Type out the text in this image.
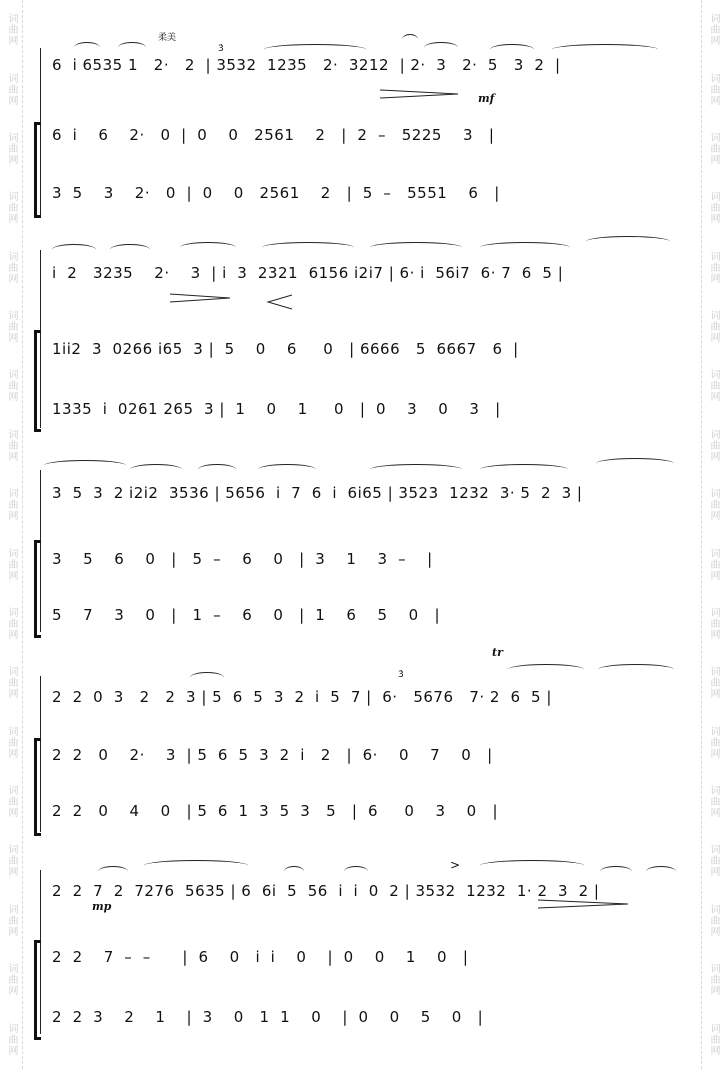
词曲网
词曲网
词曲网
词曲网
词曲网
词曲网
词曲网
词曲网
词曲网
词曲网
词曲网
词曲网
词曲网
词曲网
词曲网
词曲网
词曲网
词曲网
词曲网
词曲网
词曲网
词曲网
词曲网
词曲网
词曲网
词曲网
词曲网
词曲网
词曲网
词曲网
词曲网
词曲网
词曲网
词曲网
词曲网
词曲网
柔美
3̇
mf
6  i 6535 1   2·   2  | 3532  1235   2·  3212  | 2·  3   2·  5   3  2  |
6  i    6    2·   0  |  0    0   2561    2   |  2  –   5225    3   |
3  5    3    2·   0  |  0    0   2561    2   |  5  –   5551    6   |
i  2   3235    2·    3  | i  3  2321  6156 i2i7 | 6· i  56i7  6· 7  6  5 |
1ii2  3  0266 i65  3 |  5    0    6     0   | 6666   5  6667   6  |
1335  i  0261 265  3 |  1    0    1     0   |  0    3    0    3   |
3  5  3  2 i2i2  3536 | 5656  i  7  6  i  6i65 | 3523  1232  3· 5  2  3 |
3    5    6    0   |   5  –    6    0   |  3    1    3  –    |
5    7    3    0   |   1  –    6    0   |  1    6    5    0   |
tr
3̇
2  2  0  3   2   2  3 | 5  6  5  3  2  i  5  7 |  6·   5676   7· 2  6  5 |
2  2   0    2·    3  | 5  6  5  3  2  i   2   |  6·    0    7    0   |
2  2   0    4    0   | 5  6  1  3  5  3   5   |  6     0    3    0   |
mp
>
2  2  7  2  7276  5635 | 6  6i  5  56  i  i  0  2 | 3532  1232  1· 2  3  2 |
2  2    7  –  –      |  6    0   i  i    0    |  0    0    1    0   |
2  2  3    2    1    |  3    0   1  1    0    |  0    0    5    0   |
